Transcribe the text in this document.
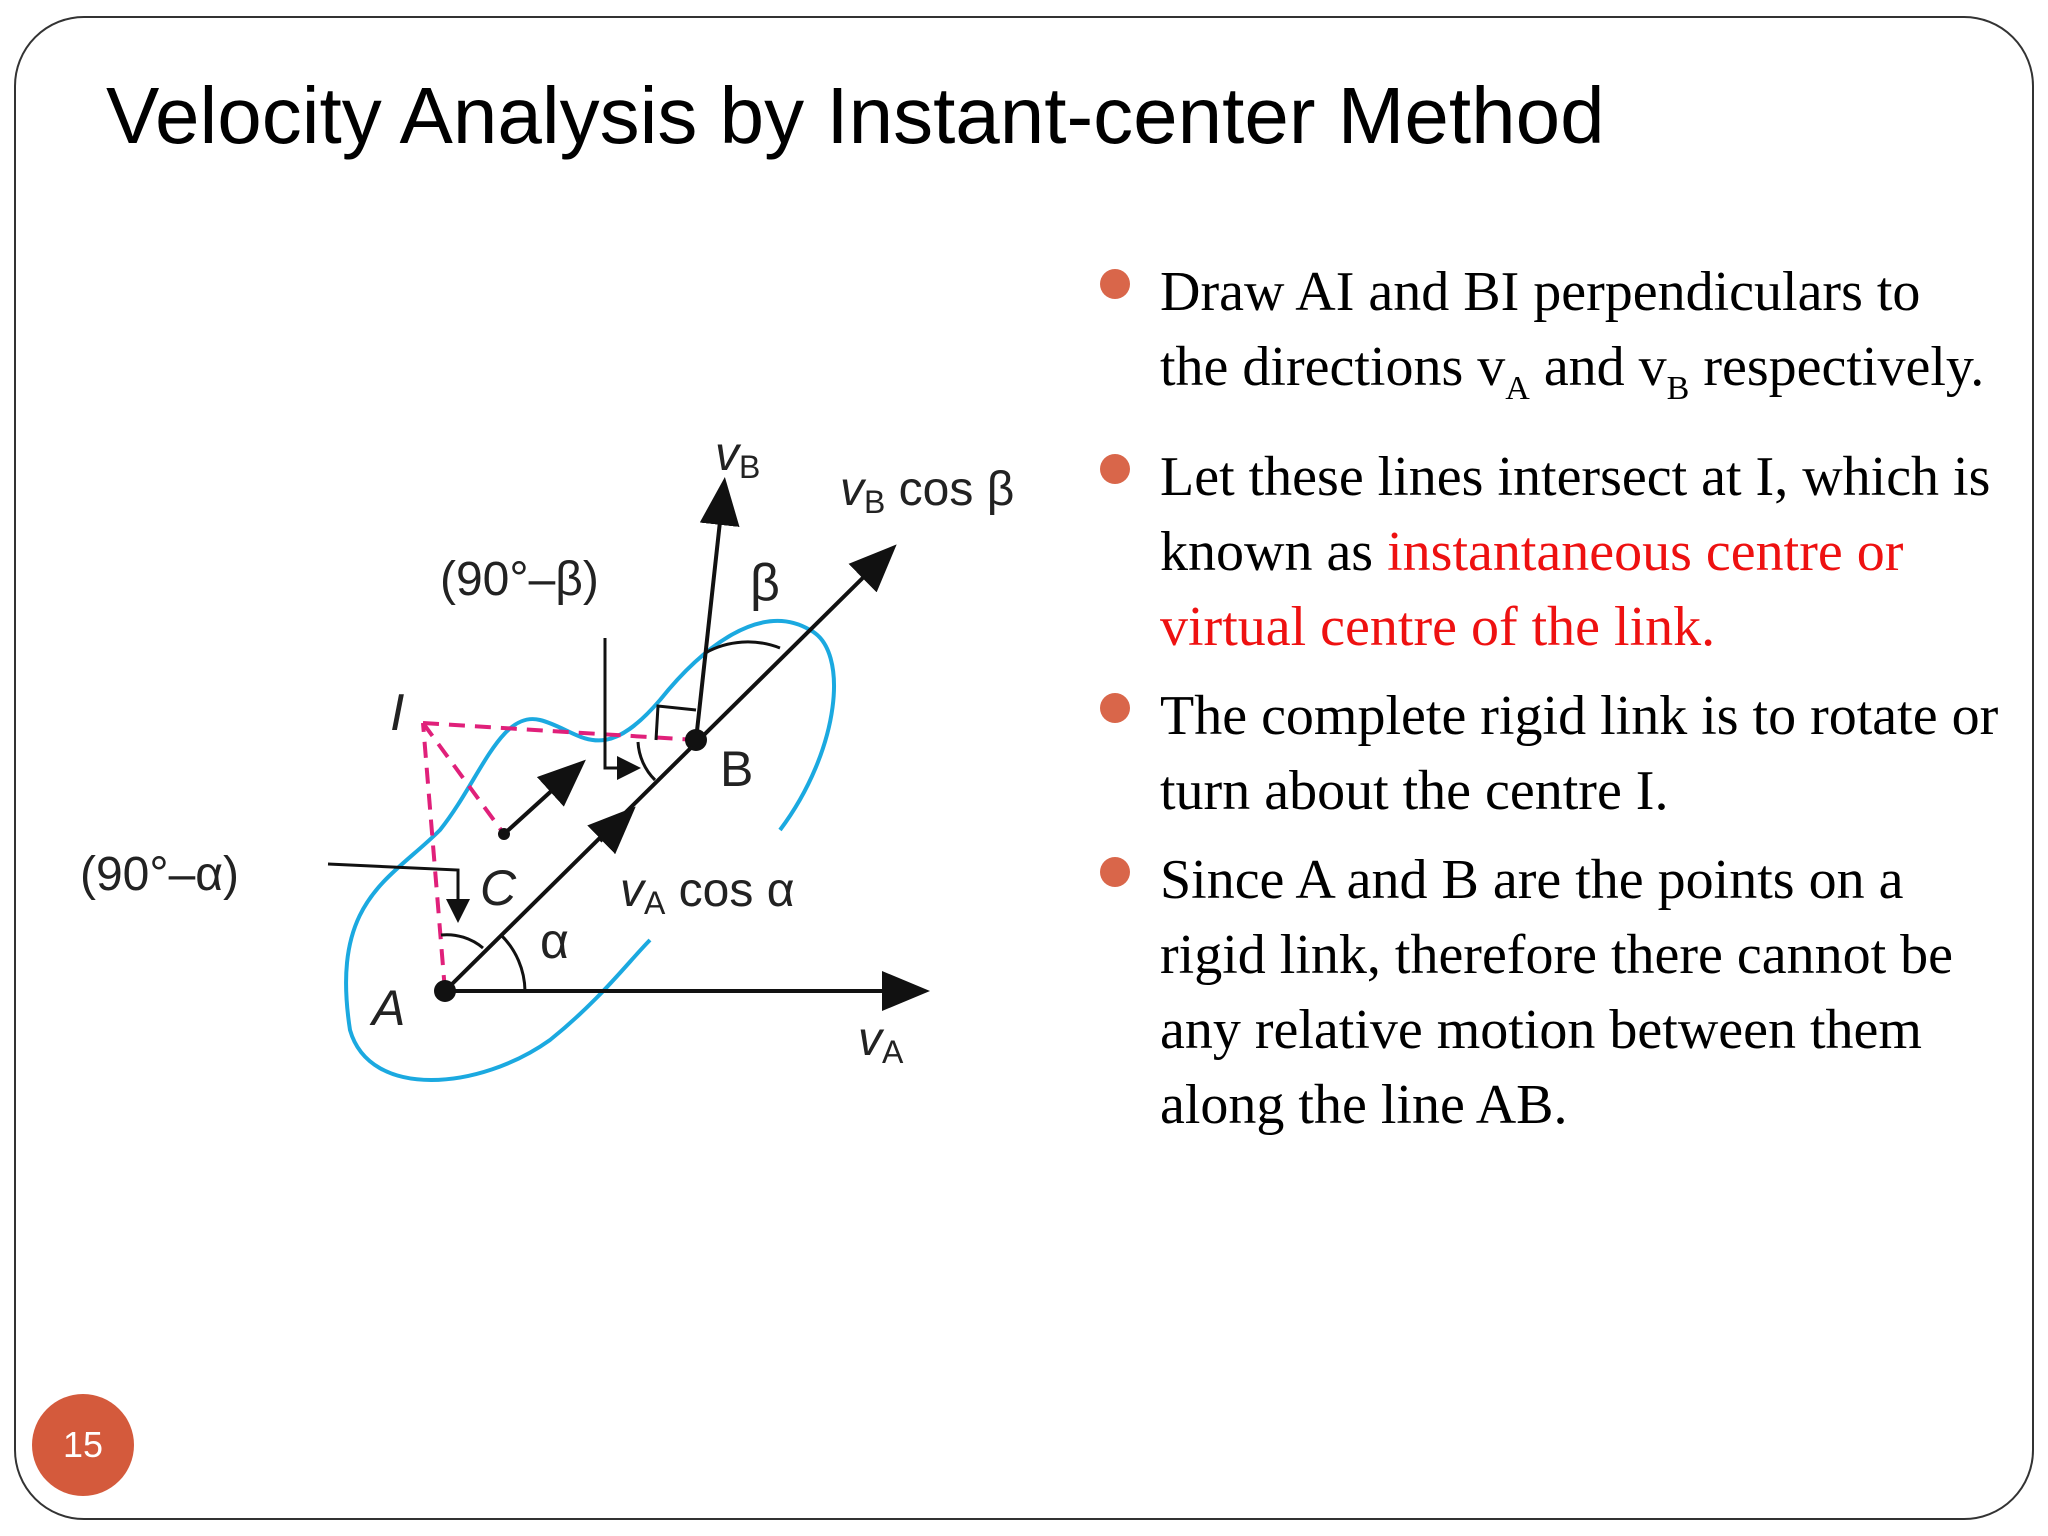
Velocity Analysis by Instant-center Method
vB vB cos β
β
(90°–β)
I
B
C
(90°–α)	vA cos α
α
A
vA
Draw AI and BI perpendiculars to the directions $v_A$ and $v_B$ respectively.
Let these lines intersect at I, which is known as instantaneous centre or virtual centre of the link.
The complete rigid link is to rotate or turn about the centre I.
Since A and B are the points on a rigid link, therefore there cannot be any relative motion between them along the line AB.
15
